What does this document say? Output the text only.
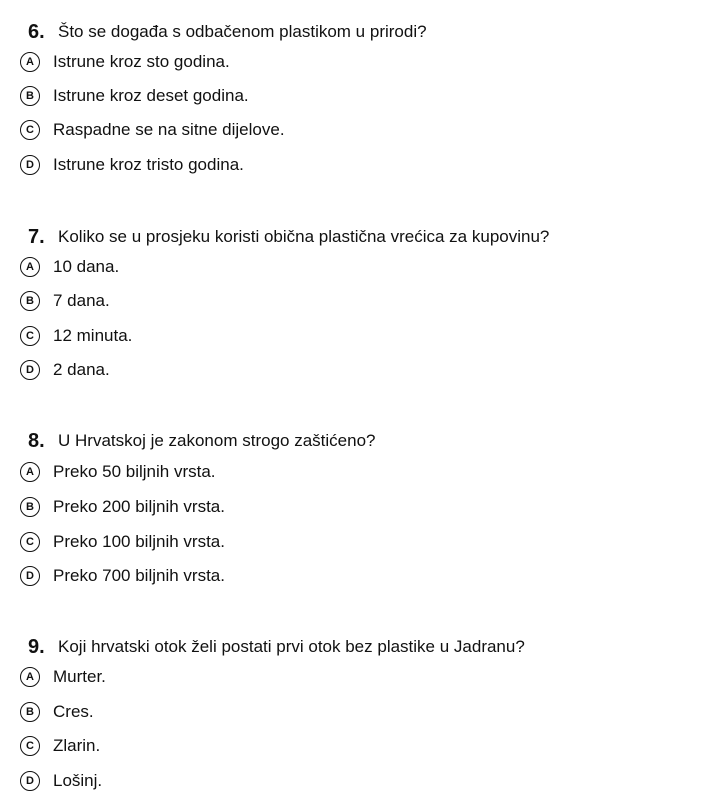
6. Što se događa s odbačenom plastikom u prirodi?
A	Istrune kroz sto godina.
B	Istrune kroz deset godina.
C	Raspadne se na sitne dijelove.
D	Istrune kroz tristo godina.
7. Koliko se u prosjeku koristi obična plastična vrećica za kupovinu?
A	10 dana.
B	7 dana.
C	12 minuta.
D	2 dana.
8. U Hrvatskoj je zakonom strogo zaštićeno?
A	Preko 50 biljnih vrsta.
B	Preko 200 biljnih vrsta.
C	Preko 100 biljnih vrsta.
D	Preko 700 biljnih vrsta.
9. Koji hrvatski otok želi postati prvi otok bez plastike u Jadranu?
A	Murter.
B	Cres.
C	Zlarin.
D	Lošinj.
